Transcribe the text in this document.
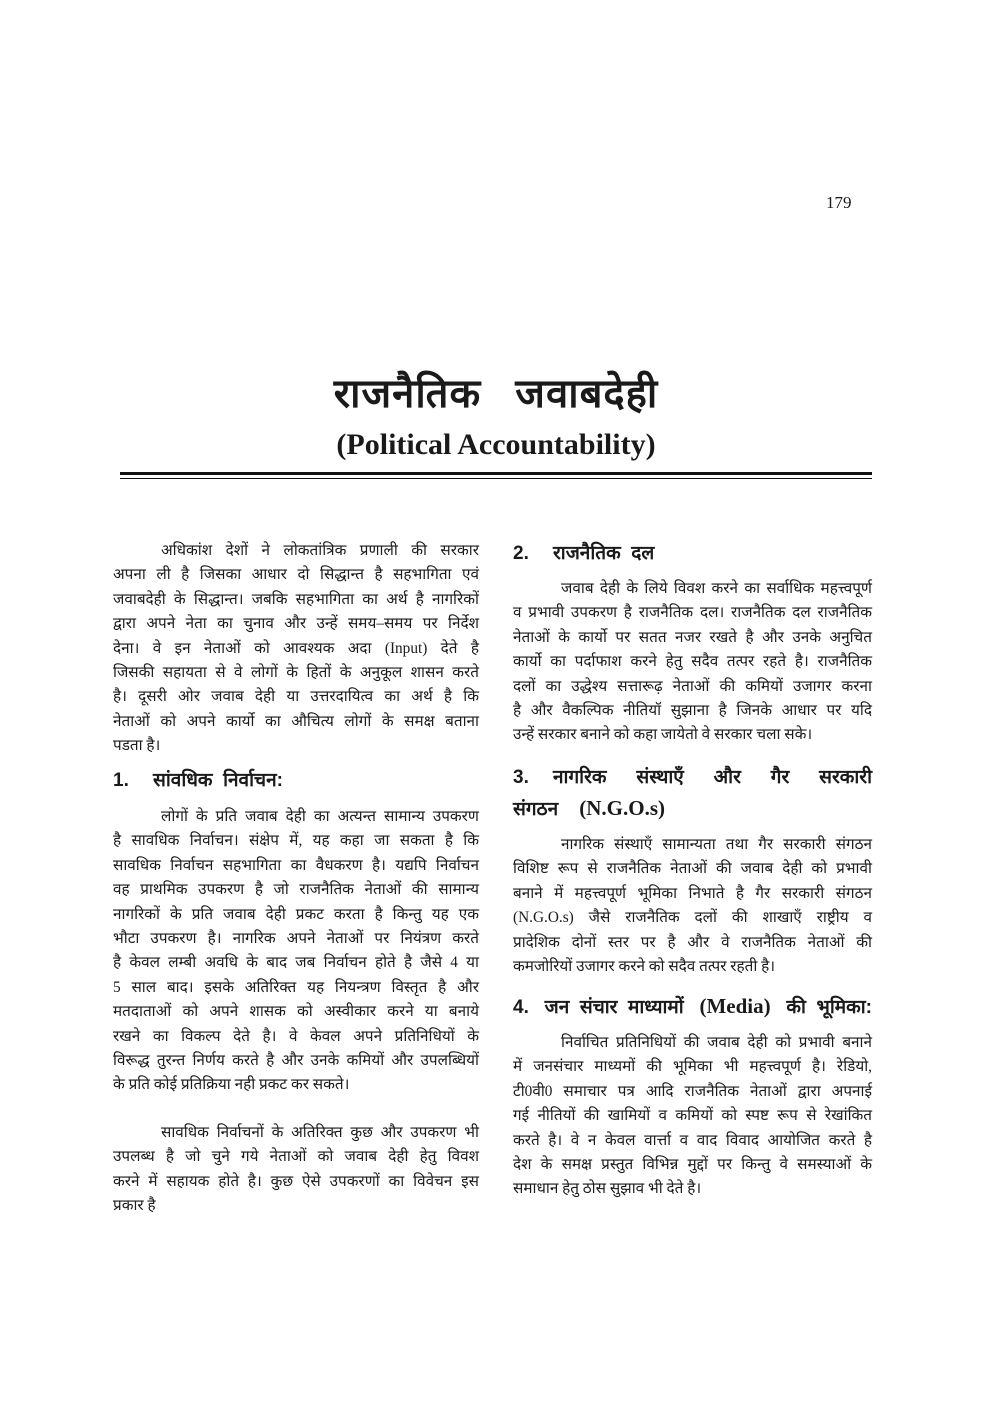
179
राजनैतिक जवाबदेही
(Political Accountability)
अधिकांश देशों ने लोकतांत्रिक प्रणाली की सरकार
अपना ली है जिसका आधार दो सिद्धान्त है सहभागिता एवं
जवाबदेही के सिद्धान्त। जबकि सहभागिता का अर्थ है नागरिकों
द्वारा अपने नेता का चुनाव और उन्हें समय–समय पर निर्देश
देना। वे इन नेताओं को आवश्यक अदा (Input) देते है
जिसकी सहायता से वे लोगों के हितों के अनुकूल शासन करते
है। दूसरी ओर जवाब देही या उत्तरदायित्व का अर्थ है कि
नेताओं को अपने कार्यो का औचित्य लोगों के समक्ष बताना
पडता है।
1. सांवधिक  निर्वाचन:
लोगों के प्रति जवाब देही का अत्यन्त सामान्य उपकरण
है सावधिक निर्वाचन। संक्षेप में, यह कहा जा सकता है कि
सावधिक निर्वाचन सहभागिता का वैधकरण है। यद्यपि निर्वाचन
वह प्राथमिक उपकरण है जो राजनैतिक नेताओं की सामान्य
नागरिकों के प्रति जवाब देही प्रकट करता है किन्तु यह एक
भौटा उपकरण है। नागरिक अपने नेताओं पर नियंत्रण करते
है केवल लम्बी अवधि के बाद जब निर्वाचन होते है जैसे 4 या
5 साल बाद। इसके अतिरिक्त यह नियन्त्रण विस्तृत है और
मतदाताओं को अपने शासक को अस्वीकार करने या बनाये
रखने का विकल्प देते है। वे केवल अपने प्रतिनिधियों के
विरूद्ध तुरन्त निर्णय करते है और उनके कमियों और उपलब्धियों
के प्रति कोई प्रतिक्रिया नही प्रकट कर सकते।
सावधिक निर्वाचनों के अतिरिक्त कुछ और उपकरण भी
उपलब्ध है जो चुने गये नेताओं को जवाब देही हेतु विवश
करने में सहायक होते है। कुछ ऐसे उपकरणों का विवेचन इस
प्रकार है
2. राजनैतिक  दल
जवाब देही के लिये विवश करने का सर्वाधिक महत्त्वपूर्ण
व प्रभावी उपकरण है राजनैतिक दल। राजनैतिक दल राजनैतिक
नेताओं के कार्यो पर सतत नजर रखते है और उनके अनुचित
कार्यो का पर्दाफाश करने हेतु सदैव तत्पर रहते है। राजनैतिक
दलों का उद्धेश्य सत्तारूढ़ नेताओं की कमियों उजागर करना
है और वैकल्पिक नीतियॉ सुझाना है जिनके आधार पर यदि
उन्हें सरकार बनाने को कहा जायेतो वे सरकार चला सके।
3.	नागरिक  संस्थाएँ  और  गैर  सरकारी
संगठन (N.G.O.s)
नागरिक संस्थाएँ सामान्यता तथा गैर सरकारी संगठन
विशिष्ट रूप से राजनैतिक नेताओं की जवाब देही को प्रभावी
बनाने में महत्त्वपूर्ण भूमिका निभाते है गैर सरकारी संगठन
(N.G.O.s) जैसे राजनैतिक दलों की शाखाएँ राष्ट्रीय व
प्रादेशिक दोनों स्तर पर है और वे राजनैतिक नेताओं की
कमजोरियों उजागर करने को सदैव तत्पर रहती है।
4. जन  संचार  माध्यामों (Media) की  भूमिका:
निर्वाचित प्रतिनिधियों की जवाब देही को प्रभावी बनाने
में जनसंचार माध्यमों की भूमिका भी महत्त्वपूर्ण है। रेडियो,
टी0वी0 समाचार पत्र आदि राजनैतिक नेताओं द्वारा अपनाई
गई नीतियों की खामियों व कमियों को स्पष्ट रूप से रेखांकित
करते है। वे न केवल वार्त्ता व वाद विवाद आयोजित करते है
देश के समक्ष प्रस्तुत विभिन्न मुद्दों पर किन्तु वे समस्याओं के
समाधान हेतु ठोस सुझाव भी देते है।
